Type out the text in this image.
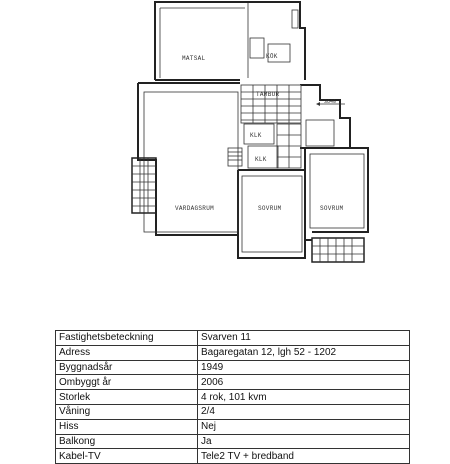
3640
MATSAL	KÖK
TAMBUR
KLK
KLK
VARDAGSRUM	SOVRUM	SOVRUM
Fastighetsbeteckning	Svarven 11
Adress	Bagaregatan 12, lgh 52 - 1202
Byggnadsår	1949
Ombyggt år	2006
Storlek	4 rok, 101 kvm
Våning	2/4
Hiss	Nej
Balkong	Ja
Kabel-TV	Tele2 TV + bredband
